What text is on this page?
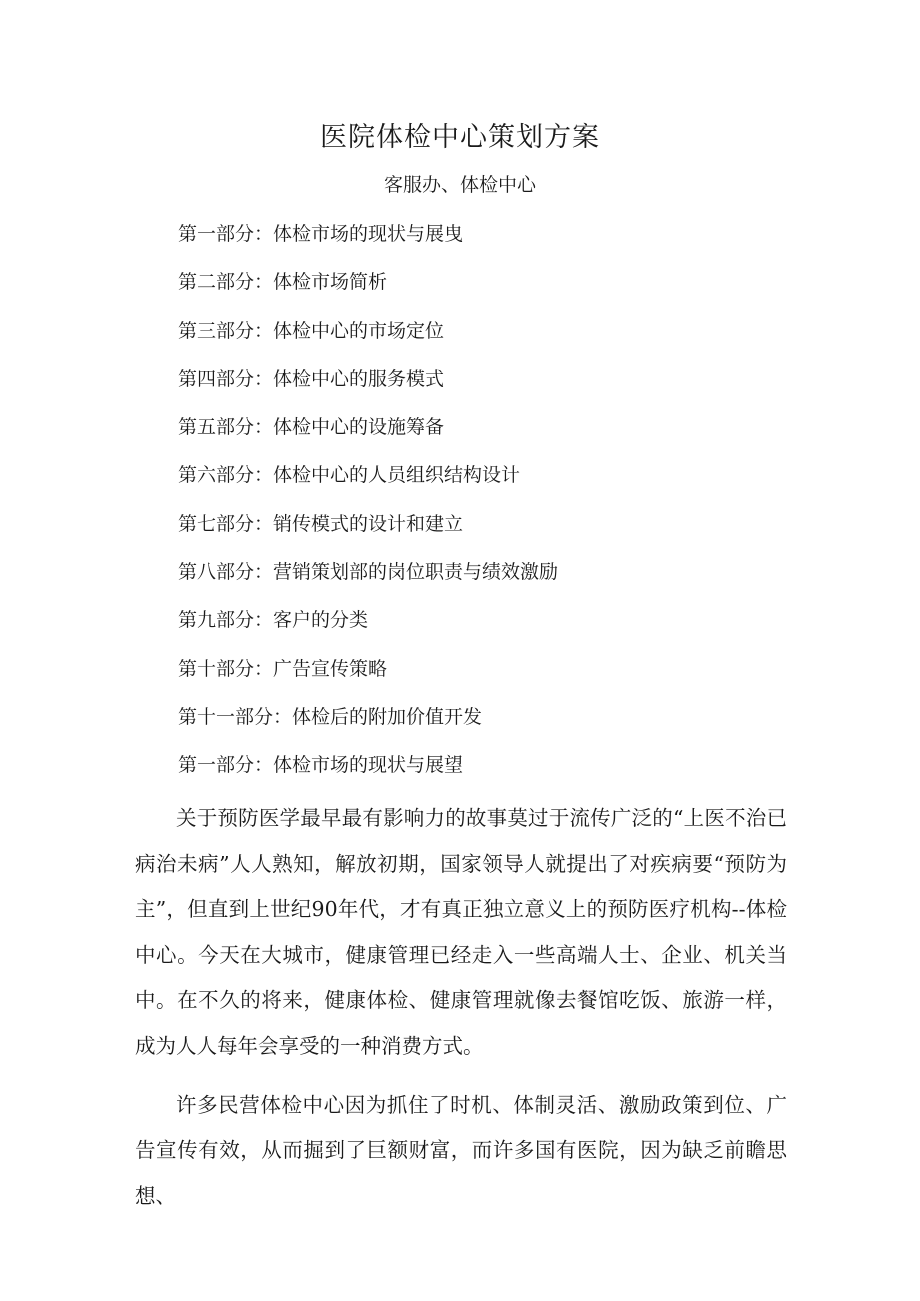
医院体检中心策划方案
客服办、体检中心
第一部分：体检市场的现状与展曳
第二部分：体检市场简析
第三部分：体检中心的市场定位
第四部分：体检中心的服务模式
第五部分：体检中心的设施筹备
第六部分：体检中心的人员组织结构设计
第七部分：销传模式的设计和建立
第八部分：营销策划部的岗位职责与绩效激励
第九部分：客户的分类
第十部分：广告宣传策略
第十一部分：体检后的附加价值开发
第一部分：体检市场的现状与展望

关于预防医学最早最有影响力的故事莫过于流传广泛的“上医不治已病治未病”人人熟知，解放初期，国家领导人就提出了对疾病要“预防为主”，但直到上世纪90年代，才有真正独立意义上的预防医疗机构--体检中心。今天在大城市，健康管理已经走入一些高端人士、企业、机关当中。在不久的将来，健康体检、健康管理就像去餐馆吃饭、旅游一样，成为人人每年会享受的一种消费方式。

许多民营体检中心因为抓住了时机、体制灵活、激励政策到位、广告宣传有效，从而掘到了巨额财富，而许多国有医院，因为缺乏前瞻思想、
